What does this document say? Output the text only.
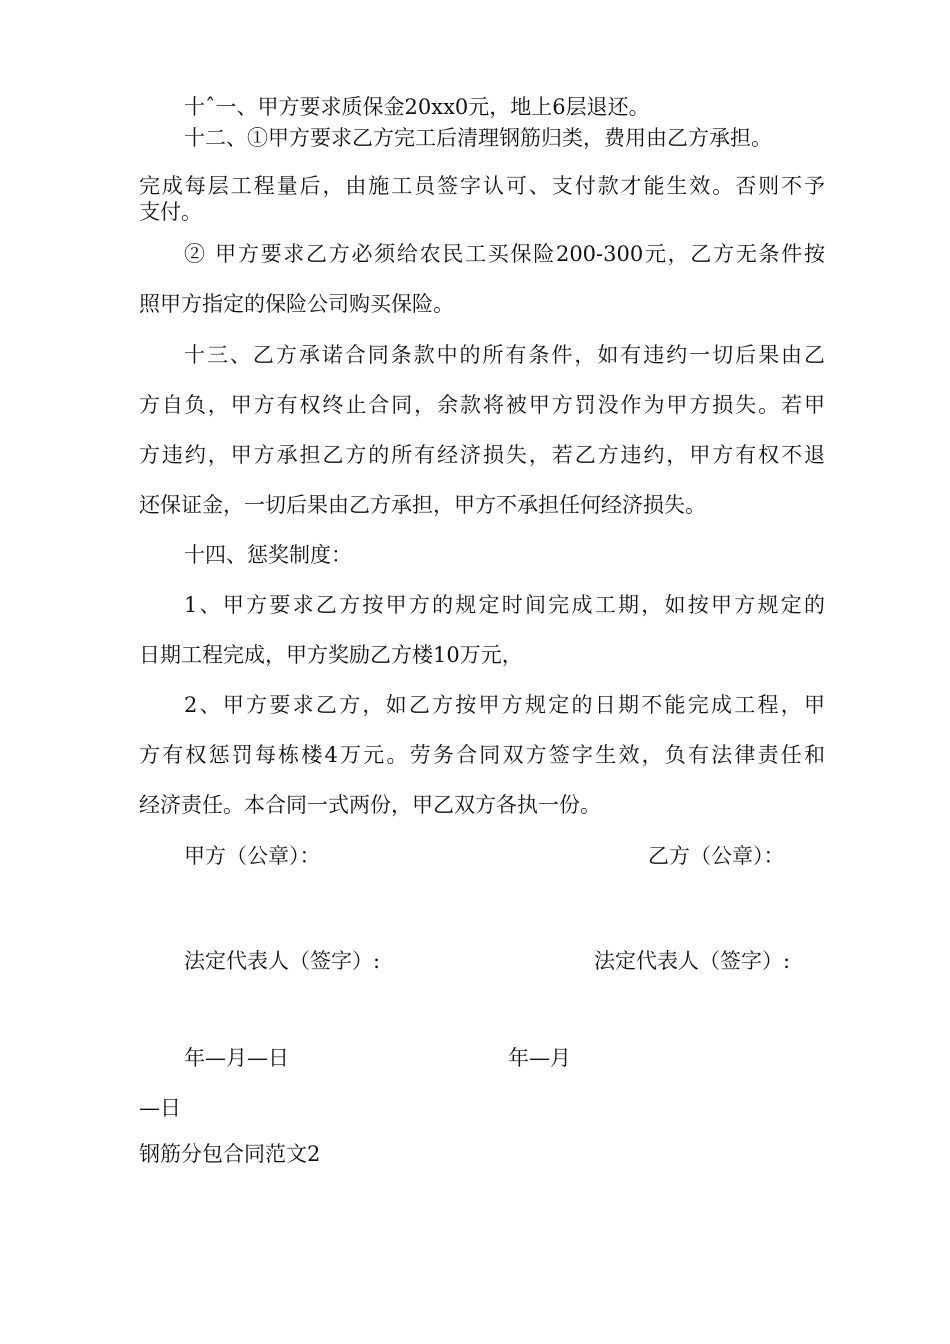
十ˆ一、甲方要求质保金20xx0元，地上6层退还。

十二、①甲方要求乙方完工后清理钢筋归类，费用由乙方承担。

完成每层工程量后，由施工员签字认可、支付款才能生效。否则不予

支付。

② 甲方要求乙方必须给农民工买保险200-300元，乙方无条件按

照甲方指定的保险公司购买保险。

十三、乙方承诺合同条款中的所有条件，如有违约一切后果由乙

方自负，甲方有权终止合同，余款将被甲方罚没作为甲方损失。若甲

方违约，甲方承担乙方的所有经济损失，若乙方违约，甲方有权不退

还保证金，一切后果由乙方承担，甲方不承担任何经济损失。

十四、惩奖制度：

1、甲方要求乙方按甲方的规定时间完成工期，如按甲方规定的

日期工程完成，甲方奖励乙方楼10万元，

2、甲方要求乙方，如乙方按甲方规定的日期不能完成工程，甲

方有权惩罚每栋楼4万元。劳务合同双方签字生效，负有法律责任和

经济责任。本合同一式两份，甲乙双方各执一份。

甲方（公章）：	乙方（公章）：

法定代表人（签字）:	法定代表人（签字）:

年—月—日	年—月

—日

钢筋分包合同范文2
